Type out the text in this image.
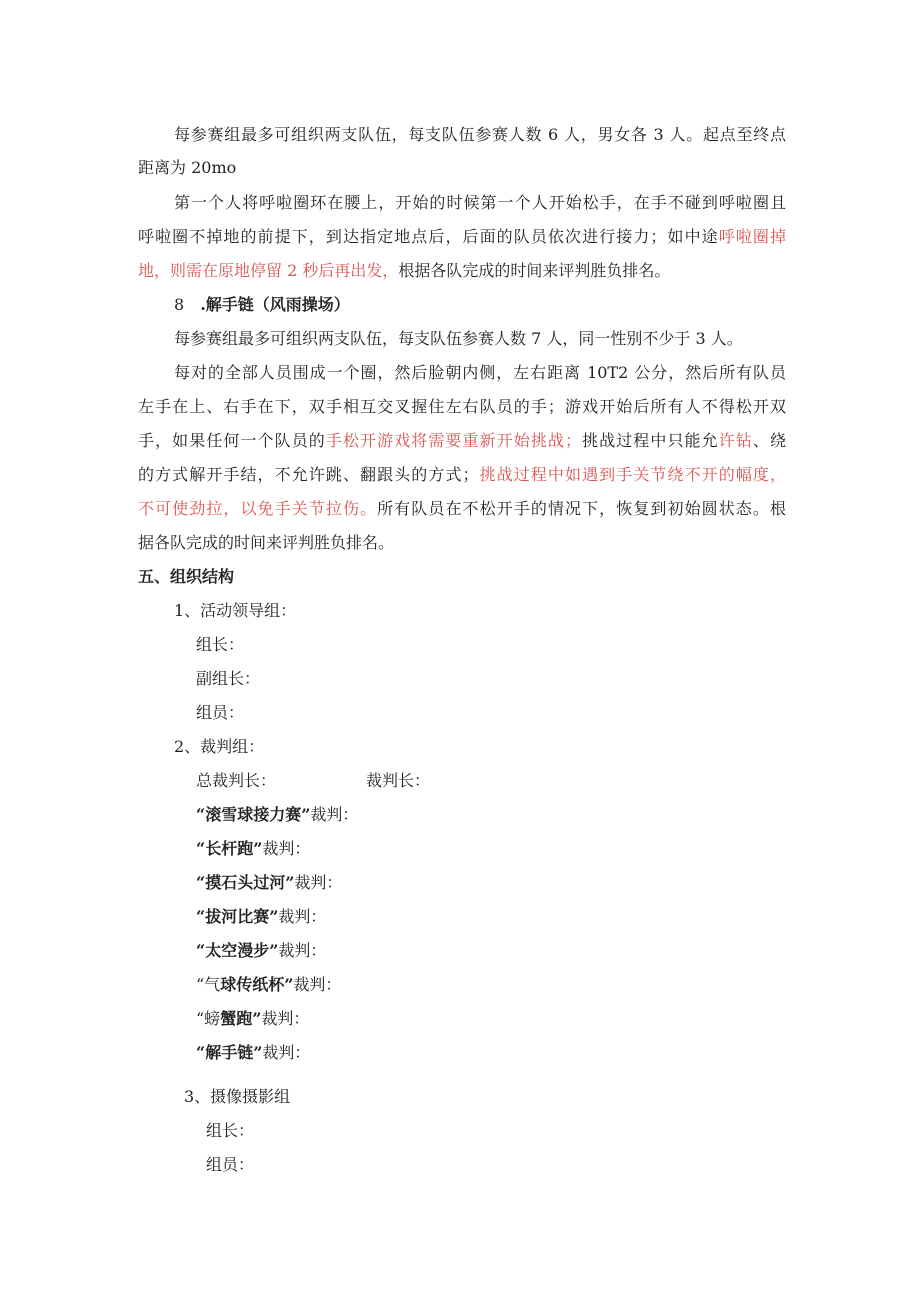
每参赛组最多可组织两支队伍，每支队伍参赛人数 6 人，男女各 3 人。起点至终点
距离为 20mo
第一个人将呼啦圈环在腰上，开始的时候第一个人开始松手，在手不碰到呼啦圈且
呼啦圈不掉地的前提下，到达指定地点后，后面的队员依次进行接力；如中途呼啦圈掉
地，则需在原地停留 2 秒后再出发，根据各队完成的时间来评判胜负排名。
8 .解手链（风雨操场）
每参赛组最多可组织两支队伍，每支队伍参赛人数 7 人，同一性别不少于 3 人。
每对的全部人员围成一个圈，然后脸朝内侧，左右距离 10T2 公分，然后所有队员
左手在上、右手在下，双手相互交叉握住左右队员的手；游戏开始后所有人不得松开双
手，如果任何一个队员的手松开游戏将需要重新开始挑战；挑战过程中只能允许钻、绕
的方式解开手结，不允许跳、翻跟头的方式；挑战过程中如遇到手关节绕不开的幅度，
不可使劲拉，以免手关节拉伤。所有队员在不松开手的情况下，恢复到初始圆状态。根
据各队完成的时间来评判胜负排名。
五、组织结构
1、活动领导组：
组长：
副组长：
组员：
2、裁判组：
总裁判长：	裁判长：
“滚雪球接力赛”裁判：
“长杆跑”裁判：
“摸石头过河”裁判：
“拔河比赛”裁判：
“太空漫步”裁判：
“气球传纸杯”裁判：
“螃蟹跑”裁判：
“解手链”裁判：
3、摄像摄影组
组长：
组员：
